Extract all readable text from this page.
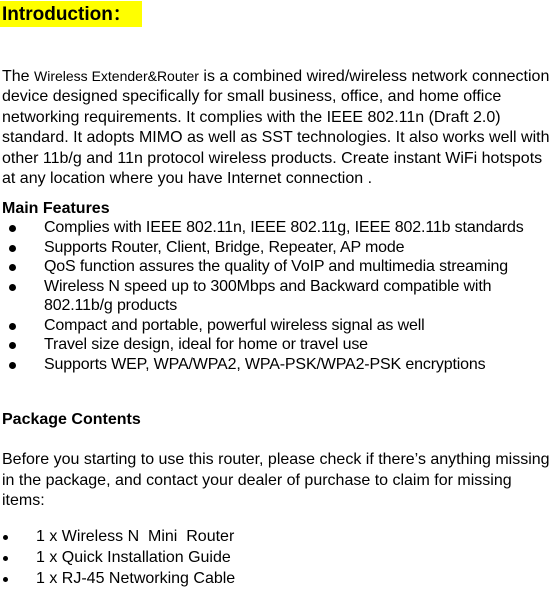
Introduction：
The Wireless Extender&Router is a combined wired/wireless network connection device designed specifically for small business, office, and home office networking requirements. It complies with the IEEE 802.11n (Draft 2.0) standard. It adopts MIMO as well as SST technologies. It also works well with other 11b/g and 11n protocol wireless products. Create instant WiFi hotspots at any location where you have Internet connection .
Main Features
Complies with IEEE 802.11n, IEEE 802.11g, IEEE 802.11b standards
Supports Router, Client, Bridge, Repeater, AP mode
QoS function assures the quality of VoIP and multimedia streaming
Wireless N speed up to 300Mbps and Backward compatible with
802.11b/g products
Compact and portable, powerful wireless signal as well
Travel size design, ideal for home or travel use
Supports WEP, WPA/WPA2, WPA-PSK/WPA2-PSK encryptions
Package Contents
Before you starting to use this router, please check if there’s anything missing in the package, and contact your dealer of purchase to claim for missing items:
1 x Wireless N  Mini  Router
1 x Quick Installation Guide
1 x RJ-45 Networking Cable
